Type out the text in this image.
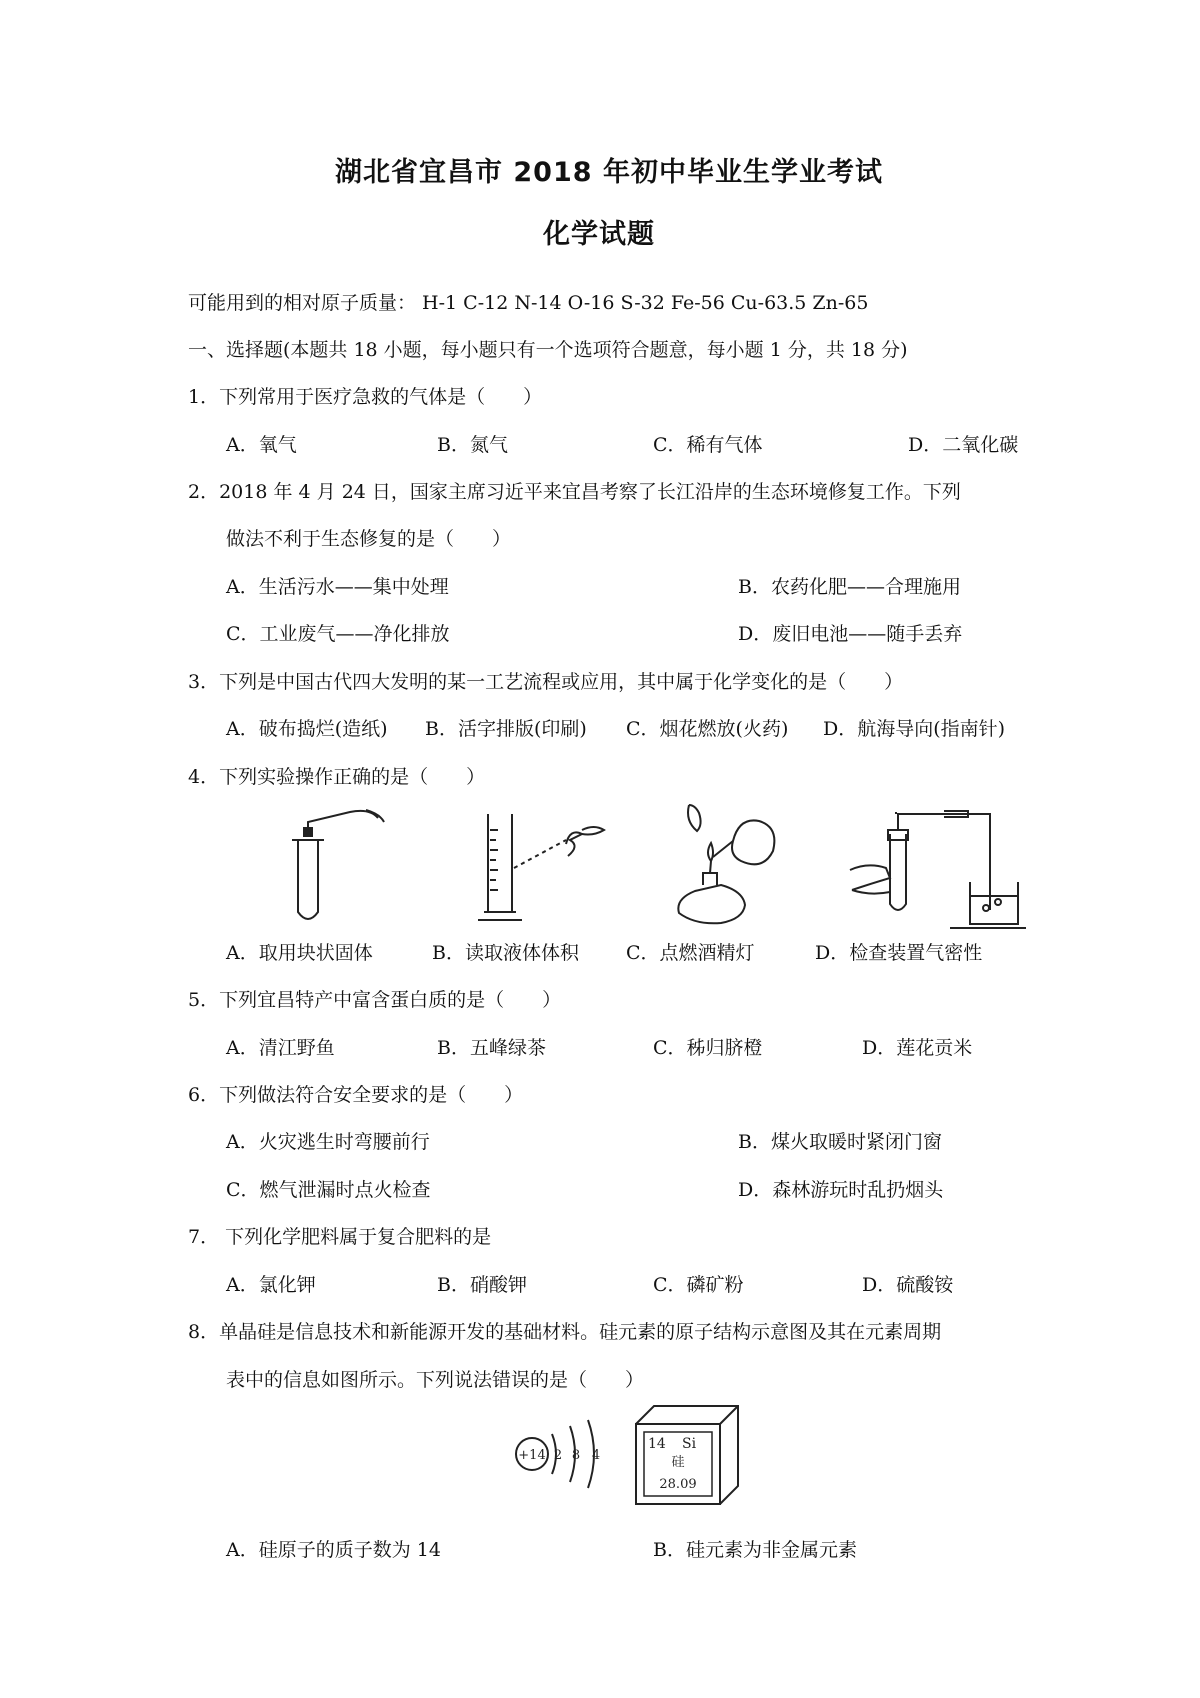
湖北省宜昌市 2018 年初中毕业生学业考试
化学试题
可能用到的相对原子质量： H-1 C-12 N-14 O-16 S-32 Fe-56 Cu-63.5 Zn-65
一、选择题(本题共 18 小题，每小题只有一个选项符合题意，每小题 1 分，共 18 分)
1．下列常用于医疗急救的气体是（　　）
A．氧气	B．氮气	C．稀有气体	D．二氧化碳
2．2018 年 4 月 24 日，国家主席习近平来宜昌考察了长江沿岸的生态环境修复工作。下列
做法不利于生态修复的是（　　）
A．生活污水——集中处理	B．农药化肥——合理施用
C．工业废气——净化排放	D．废旧电池——随手丢弃
3．下列是中国古代四大发明的某一工艺流程或应用，其中属于化学变化的是（　　）
A．破布捣烂(造纸) B．活字排版(印刷) C．烟花燃放(火药) D．航海导向(指南针)
4．下列实验操作正确的是（　　）
A．取用块状固体	B．读取液体体积 C．点燃酒精灯	D．检查装置气密性
5．下列宜昌特产中富含蛋白质的是（　　）
A．清江野鱼	B．五峰绿茶	C．秭归脐橙	D．莲花贡米
6．下列做法符合安全要求的是（　　）
A．火灾逃生时弯腰前行	B．煤火取暖时紧闭门窗
C．燃气泄漏时点火检查	D．森林游玩时乱扔烟头
7． 下列化学肥料属于复合肥料的是
A．氯化钾	B．硝酸钾	C．磷矿粉	D．硫酸铵
8．单晶硅是信息技术和新能源开发的基础材料。硅元素的原子结构示意图及其在元素周期
表中的信息如图所示。下列说法错误的是（　　）
+14 2 8 4
14 Si
硅
28.09
A．硅原子的质子数为 14	B．硅元素为非金属元素
